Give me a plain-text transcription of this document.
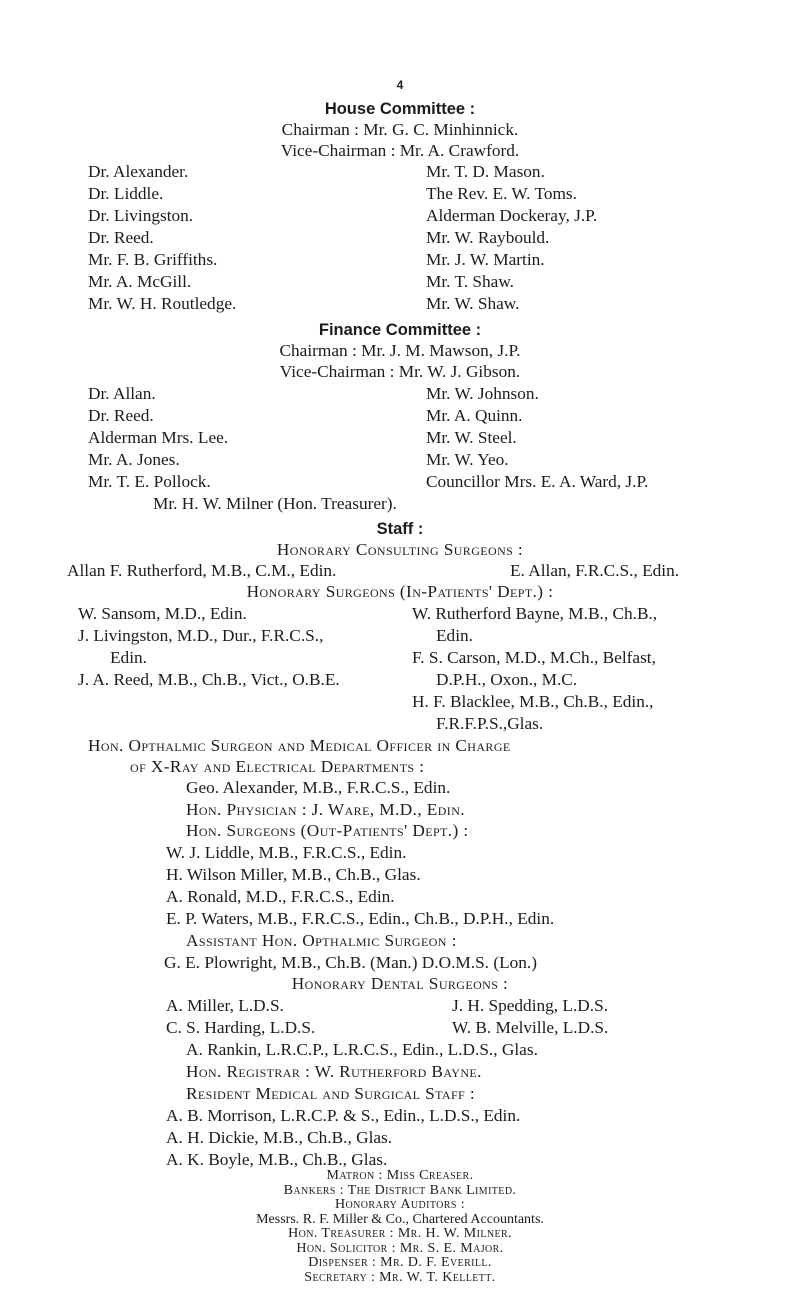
4
House Committee :
Chairman : Mr. G. C. Minhinnick.
Vice-Chairman : Mr. A. Crawford.
Dr. Alexander.
Dr. Liddle.
Dr. Livingston.
Dr. Reed.
Mr. F. B. Griffiths.
Mr. A. McGill.
Mr. W. H. Routledge.
Mr. T. D. Mason.
The Rev. E. W. Toms.
Alderman Dockeray, J.P.
Mr. W. Raybould.
Mr. J. W. Martin.
Mr. T. Shaw.
Mr. W. Shaw.
Finance Committee :
Chairman : Mr. J. M. Mawson, J.P.
Vice-Chairman : Mr. W. J. Gibson.
Dr. Allan.
Dr. Reed.
Alderman Mrs. Lee.
Mr. A. Jones.
Mr. T. E. Pollock.
Mr. W. Johnson.
Mr. A. Quinn.
Mr. W. Steel.
Mr. W. Yeo.
Councillor Mrs. E. A. Ward, J.P.
Mr. H. W. Milner (Hon. Treasurer).
Staff :
Honorary Consulting Surgeons :
Allan F. Rutherford, M.B., C.M., Edin.	E. Allan, F.R.C.S., Edin.
Honorary Surgeons (In-Patients' Dept.) :
W. Sansom, M.D., Edin.
J. Livingston, M.D., Dur., F.R.C.S.,
Edin.
J. A. Reed, M.B., Ch.B., Vict., O.B.E.
W. Rutherford Bayne, M.B., Ch.B.,
Edin.
F. S. Carson, M.D., M.Ch., Belfast,
D.P.H., Oxon., M.C.
H. F. Blacklee, M.B., Ch.B., Edin.,
F.R.F.P.S.,Glas.
Hon. Opthalmic Surgeon and Medical Officer in Charge
of X-Ray and Electrical Departments :
Geo. Alexander, M.B., F.R.C.S., Edin.
Hon. Physician : J. Ware, M.D., Edin.
Hon. Surgeons (Out-Patients' Dept.) :
W. J. Liddle, M.B., F.R.C.S., Edin.
H. Wilson Miller, M.B., Ch.B., Glas.
A. Ronald, M.D., F.R.C.S., Edin.
E. P. Waters, M.B., F.R.C.S., Edin., Ch.B., D.P.H., Edin.
Assistant Hon. Opthalmic Surgeon :
G. E. Plowright, M.B., Ch.B. (Man.) D.O.M.S. (Lon.)
Honorary Dental Surgeons :
A. Miller, L.D.S.
C. S. Harding, L.D.S.
J. H. Spedding, L.D.S.
W. B. Melville, L.D.S.
A. Rankin, L.R.C.P., L.R.C.S., Edin., L.D.S., Glas.
Hon. Registrar : W. Rutherford Bayne.
Resident Medical and Surgical Staff :
A. B. Morrison, L.R.C.P. & S., Edin., L.D.S., Edin.
A. H. Dickie, M.B., Ch.B., Glas.
A. K. Boyle, M.B., Ch.B., Glas.
Matron : Miss Creaser.
Bankers : The District Bank Limited.
Honorary Auditors :
Messrs. R. F. Miller & Co., Chartered Accountants.
Hon. Treasurer : Mr. H. W. Milner.
Hon. Solicitor : Mr. S. E. Major.
Dispenser : Mr. D. F. Everill.
Secretary : Mr. W. T. Kellett.
